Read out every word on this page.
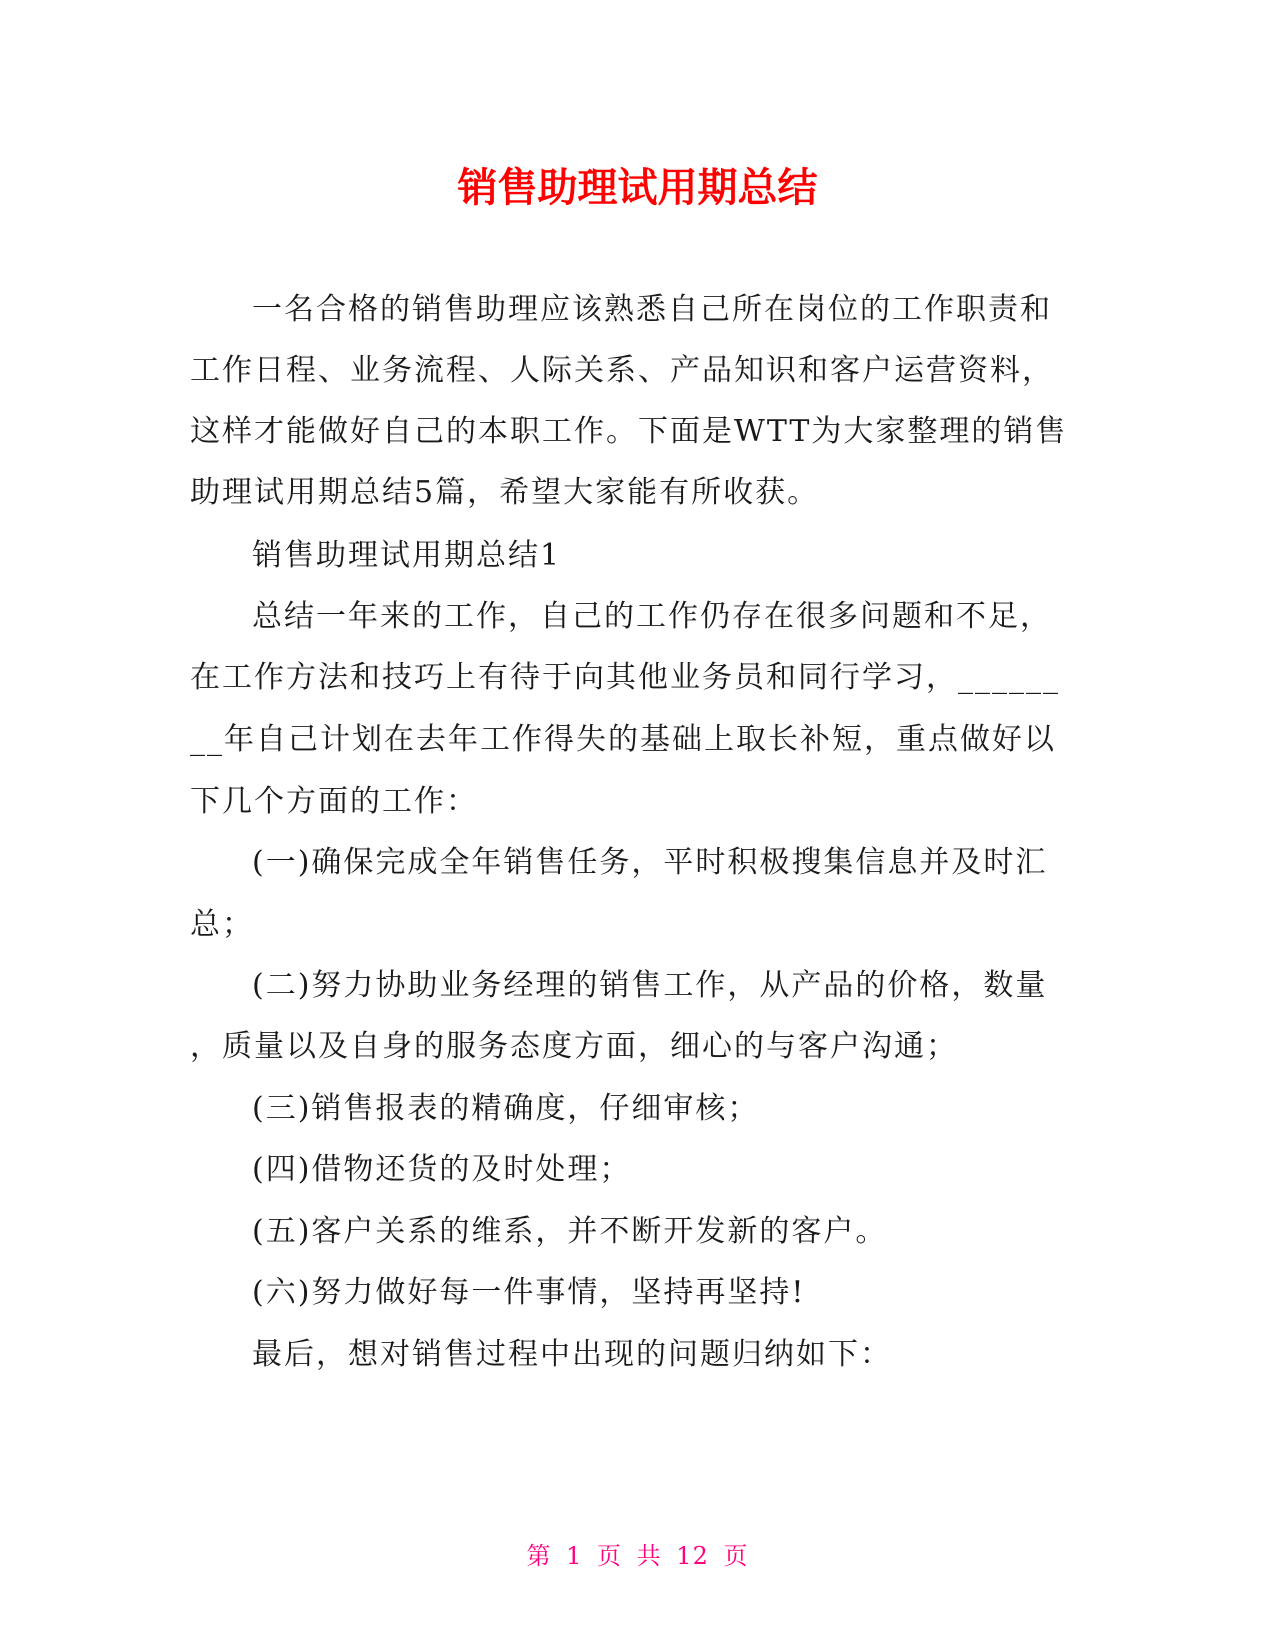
销售助理试用期总结

一名合格的销售助理应该熟悉自己所在岗位的工作职责和

工作日程、业务流程、人际关系、产品知识和客户运营资料，

这样才能做好自己的本职工作。下面是WTT为大家整理的销售

助理试用期总结5篇，希望大家能有所收获。

销售助理试用期总结1

总结一年来的工作，自己的工作仍存在很多问题和不足，

在工作方法和技巧上有待于向其他业务员和同行学习，______

__年自己计划在去年工作得失的基础上取长补短，重点做好以

下几个方面的工作：

(一)确保完成全年销售任务，平时积极搜集信息并及时汇

总；

(二)努力协助业务经理的销售工作，从产品的价格，数量

，质量以及自身的服务态度方面，细心的与客户沟通；

(三)销售报表的精确度，仔细审核；

(四)借物还货的及时处理；

(五)客户关系的维系，并不断开发新的客户。

(六)努力做好每一件事情，坚持再坚持!

最后，想对销售过程中出现的问题归纳如下：

第 1 页 共 12 页
